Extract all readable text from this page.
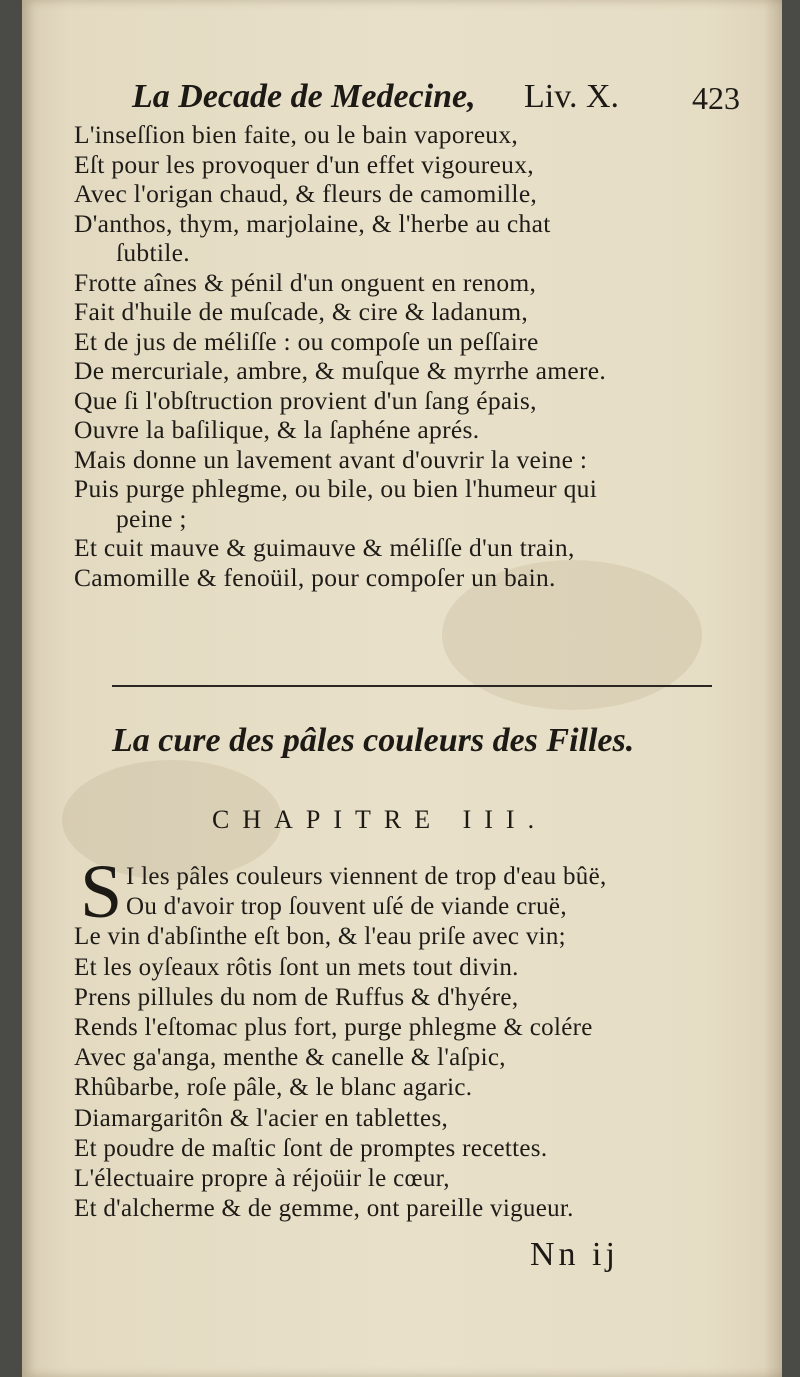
La Decade de Medecine, Liv. X. 423
L'inseſſion bien faite, ou le bain vaporeux,
Eſt pour les provoquer d'un effet vigoureux,
Avec l'origan chaud, & fleurs de camomille,
D'anthos, thym, marjolaine, & l'herbe au chat
ſubtile.
Frotte aînes & pénil d'un onguent en renom,
Fait d'huile de muſcade, & cire & ladanum,
Et de jus de méliſſe : ou compoſe un peſſaire
De mercuriale, ambre, & muſque & myrrhe amere.
Que ſi l'obſtruction provient d'un ſang épais,
Ouvre la baſilique, & la ſaphéne aprés.
Mais donne un lavement avant d'ouvrir la veine :
Puis purge phlegme, ou bile, ou bien l'humeur qui
peine ;
Et cuit mauve & guimauve & méliſſe d'un train,
Camomille & fenoüil, pour compoſer un bain.
La cure des pâles couleurs des Filles.
CHAPITRE III.
S I les pâles couleurs viennent de trop d'eau bûë,
Ou d'avoir trop ſouvent uſé de viande cruë,
Le vin d'abſinthe eſt bon, & l'eau priſe avec vin;
Et les oyſeaux rôtis ſont un mets tout divin.
Prens pillules du nom de Ruffus & d'hyére,
Rends l'eſtomac plus fort, purge phlegme & colére
Avec ga'anga, menthe & canelle & l'aſpic,
Rhûbarbe, roſe pâle, & le blanc agaric.
Diamargaritôn & l'acier en tablettes,
Et poudre de maſtic ſont de promptes recettes.
L'électuaire propre à réjoüir le cœur,
Et d'alchermе & de gemme, ont pareille vigueur.
Nn ij
